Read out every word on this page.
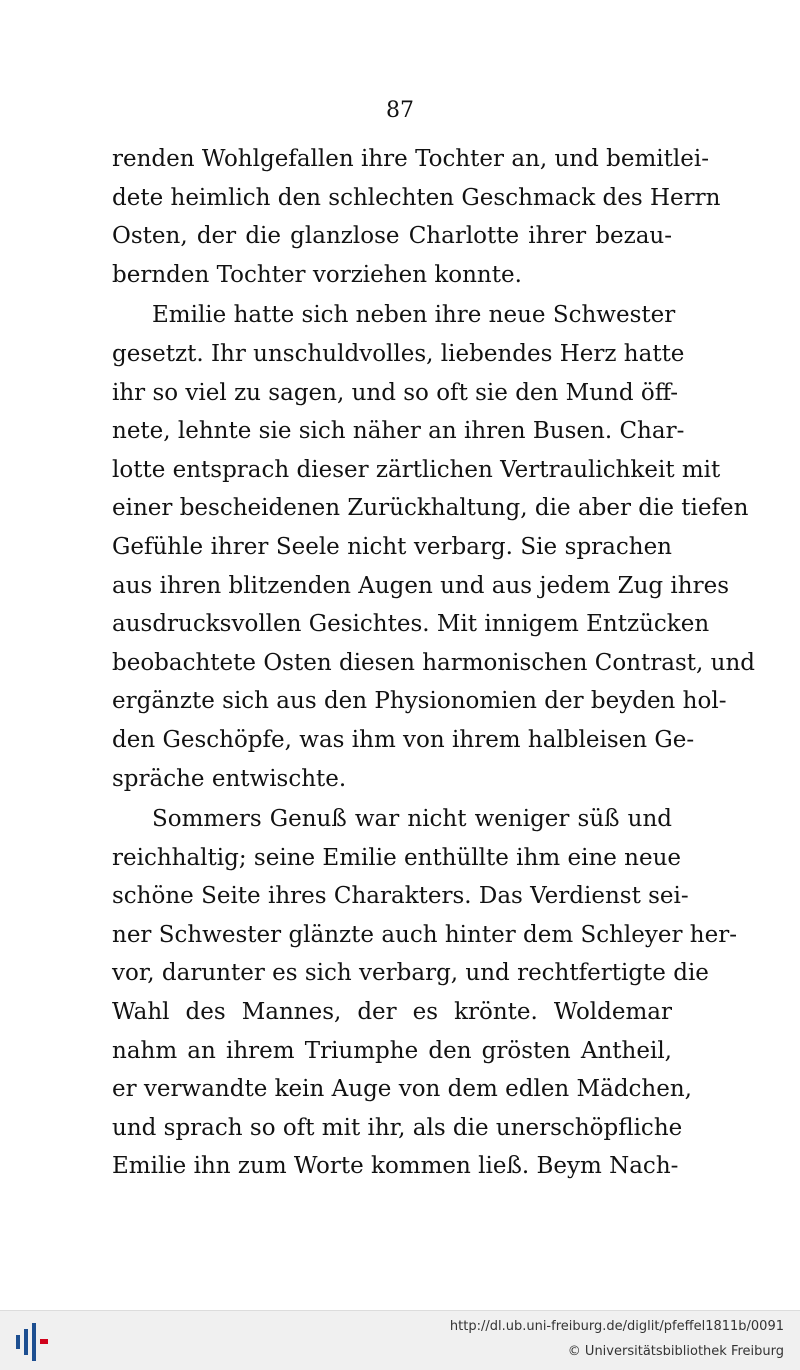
87
renden Wohlgefallen ihre Tochter an, und bemitlei-
dete heimlich den schlechten Geschmack des Herrn
Osten, der die glanzlose Charlotte ihrer bezau-
bernden Tochter vorziehen konnte.
Emilie hatte sich neben ihre neue Schwester
gesetzt. Ihr unschuldvolles, liebendes Herz hatte
ihr so viel zu sagen, und so oft sie den Mund öff-
nete, lehnte sie sich näher an ihren Busen. Char-
lotte entsprach dieser zärtlichen Vertraulichkeit mit
einer bescheidenen Zurückhaltung, die aber die tiefen
Gefühle ihrer Seele nicht verbarg. Sie sprachen
aus ihren blitzenden Augen und aus jedem Zug ihres
ausdrucksvollen Gesichtes. Mit innigem Entzücken
beobachtete Osten diesen harmonischen Contrast, und
ergänzte sich aus den Physionomien der beyden hol-
den Geschöpfe, was ihm von ihrem halbleisen Ge-
spräche entwischte.
Sommers Genuß war nicht weniger süß und
reichhaltig; seine Emilie enthüllte ihm eine neue
schöne Seite ihres Charakters. Das Verdienst sei-
ner Schwester glänzte auch hinter dem Schleyer her-
vor, darunter es sich verbarg, und rechtfertigte die
Wahl des Mannes, der es krönte. Woldemar
nahm an ihrem Triumphe den grösten Antheil,
er verwandte kein Auge von dem edlen Mädchen,
und sprach so oft mit ihr, als die unerschöpfliche
Emilie ihn zum Worte kommen ließ. Beym Nach-
http://dl.ub.uni-freiburg.de/diglit/pfeffel1811b/0091
© Universitätsbibliothek Freiburg
